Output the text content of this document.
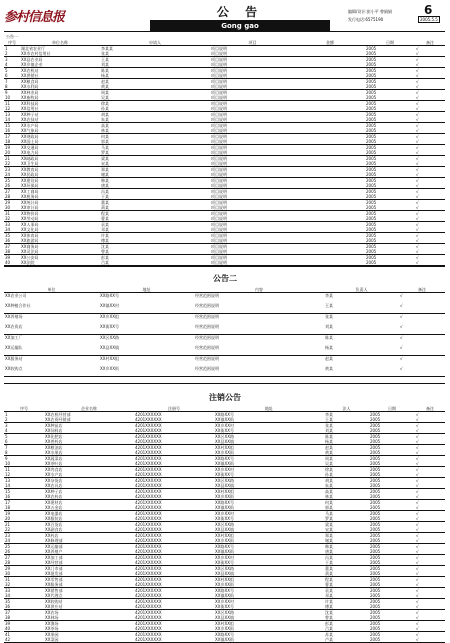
参村信息报	公 告
Gong gao
编辑/设计:彭小平 曾娟娟
发行电话:6575190
6
2005.5.5
公告一
序号	单位名称	申请人	项目	金额	日期	备注
1	湖北省农业厅	李某某	项目说明		2005	√
2	XX市农村信用社	张某	项目说明		2005	√
3	XX县农业局	王某	项目说明		2005	√
4	XX乡镇企业	刘某	项目说明		2005	√
5	XX农机站	陈某	项目说明		2005	√
6	XX供销社	杨某	项目说明		2005	√
7	XX粮食局	赵某	项目说明		2005	√
8	XX水利局	黄某	项目说明		2005	√
9	XX林业局	周某	项目说明		2005	√
10	XX畜牧局	吴某	项目说明		2005	√
11	XX科技局	徐某	项目说明		2005	√
12	XX信用社	孙某	项目说明		2005	√
13	XX种子站	胡某	项目说明		2005	√
14	XX农技站	朱某	项目说明		2005	√
15	XX水产局	高某	项目说明		2005	√
16	XX气象局	林某	项目说明		2005	√
17	XX财政局	何某	项目说明		2005	√
18	XX国土局	郭某	项目说明		2005	√
19	XX交通局	马某	项目说明		2005	√
20	XX电力局	罗某	项目说明		2005	√
21	XX邮政局	梁某	项目说明		2005	√
22	XX卫生局	宋某	项目说明		2005	√
23	XX教育局	郑某	项目说明		2005	√
24	XX民政局	谢某	项目说明		2005	√
25	XX建设局	韩某	项目说明		2005	√
26	XX环保局	唐某	项目说明		2005	√
27	XX工商局	冯某	项目说明		2005	√
28	XX税务局	于某	项目说明		2005	√
29	XX统计局	董某	项目说明		2005	√
30	XX审计局	萧某	项目说明		2005	√
31	XX物价局	程某	项目说明		2005	√
32	XX劳动局	曹某	项目说明		2005	√
33	XX人事局	袁某	项目说明		2005	√
34	XX文化局	邓某	项目说明		2005	√
35	XX体育局	许某	项目说明		2005	√
36	XX旅游局	傅某	项目说明		2005	√
37	XX商务局	沈某	项目说明		2005	√
38	XX司法局	曾某	项目说明		2005	√
39	XX公安局	彭某	项目说明		2005	√
40	XX法院	吕某	项目说明		2005	√
公告二
单位	地址	内容	负责人	备注
XX农业公司	XX路XX号	经营范围说明	李某	√
XX种植合作社	XX镇XX村	经营范围说明	王某	√
XX养殖场	XX乡XX组	经营范围说明	张某	√
XX农资店	XX街XX号	经营范围说明	刘某	√
XX加工厂	XX区XX路	经营范围说明	陈某	√
XX运输队	XX县XX镇	经营范围说明	杨某	√
XX服务站	XX村XX组	经营范围说明	赵某	√
XX收购点	XX乡XX街	经营范围说明	黄某	√
注销公告
序号	企业名称	注册号	地址	法人	日期	备注
1	XX农机经营部	4201XXXXXX	XX路XX号	李某	2005	√
2	XX农资经销部	4201XXXXXX	XX镇XX街	王某	2005	√
3	XX种苗店	4201XXXXXX	XX乡XX村	张某	2005	√
4	XX饲料店	4201XXXXXX	XX街XX号	刘某	2005	√
5	XX化肥店	4201XXXXXX	XX区XX路	陈某	2005	√
6	XX兽药店	4201XXXXXX	XX县XX镇	杨某	2005	√
7	XX粮油店	4201XXXXXX	XX村XX组	赵某	2005	√
8	XX水果店	4201XXXXXX	XX乡XX街	黄某	2005	√
9	XX蔬菜店	4201XXXXXX	XX路XX号	周某	2005	√
10	XX茶叶店	4201XXXXXX	XX镇XX街	吴某	2005	√
11	XX肉食店	4201XXXXXX	XX乡XX村	徐某	2005	√
12	XX水产店	4201XXXXXX	XX街XX号	孙某	2005	√
13	XX杂货店	4201XXXXXX	XX区XX路	胡某	2005	√
14	XX农具店	4201XXXXXX	XX县XX镇	朱某	2005	√
15	XX种子店	4201XXXXXX	XX村XX组	高某	2005	√
16	XX农药店	4201XXXXXX	XX乡XX街	林某	2005	√
17	XX建材店	4201XXXXXX	XX路XX号	何某	2005	√
18	XX五金店	4201XXXXXX	XX镇XX街	郭某	2005	√
19	XX电器店	4201XXXXXX	XX乡XX村	马某	2005	√
20	XX服装店	4201XXXXXX	XX街XX号	罗某	2005	√
21	XX百货店	4201XXXXXX	XX区XX路	梁某	2005	√
22	XX副食店	4201XXXXXX	XX县XX镇	宋某	2005	√
23	XX药店	4201XXXXXX	XX村XX组	郑某	2005	√
24	XX修理部	4201XXXXXX	XX乡XX街	谢某	2005	√
25	XX运输部	4201XXXXXX	XX路XX号	韩某	2005	√
26	XX养殖户	4201XXXXXX	XX镇XX街	唐某	2005	√
27	XX加工部	4201XXXXXX	XX乡XX村	冯某	2005	√
28	XX经营部	4201XXXXXX	XX街XX号	于某	2005	√
29	XX门市部	4201XXXXXX	XX区XX路	董某	2005	√
30	XX批发部	4201XXXXXX	XX县XX镇	萧某	2005	√
31	XX零售部	4201XXXXXX	XX村XX组	程某	2005	√
32	XX服务部	4201XXXXXX	XX乡XX街	曹某	2005	√
33	XX销售部	4201XXXXXX	XX路XX号	袁某	2005	√
34	XX代理点	4201XXXXXX	XX镇XX街	邓某	2005	√
35	XX收购站	4201XXXXXX	XX乡XX村	许某	2005	√
36	XX供应站	4201XXXXXX	XX街XX号	傅某	2005	√
37	XX农场	4201XXXXXX	XX区XX路	沈某	2005	√
38	XX林场	4201XXXXXX	XX县XX镇	曾某	2005	√
39	XX渔场	4201XXXXXX	XX村XX组	彭某	2005	√
40	XX茶场	4201XXXXXX	XX乡XX街	吕某	2005	√
41	XX果园	4201XXXXXX	XX路XX号	苏某	2005	√
42	XX菜园	4201XXXXXX	XX镇XX街	卢某	2005	√
